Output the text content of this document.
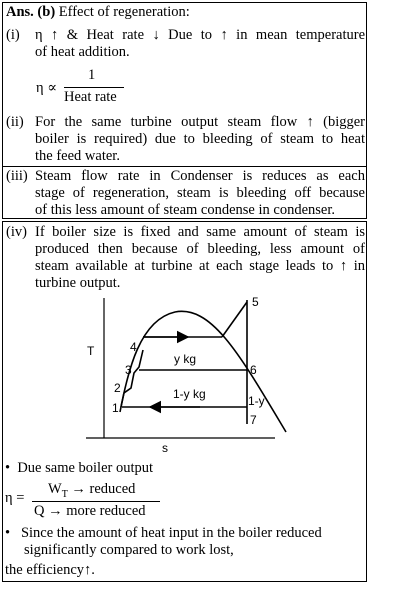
Ans. (b) Effect of regeneration:
(i) η ↑ & Heat rate ↓ Due to ↑ in mean temperature
of heat addition.
η ∝
1
Heat rate
(ii) For the same turbine output steam flow ↑ (bigger
boiler is required) due to bleeding of steam to heat
the feed water.
(iii) Steam flow rate in Condenser is reduces as each
stage of regeneration, steam is bleeding off because
of this less amount of steam condense in condenser.
(iv) If boiler size is fixed and same amount of steam is
produced then because of bleeding, less amount of
steam available at turbine at each stage leads to ↑ in
turbine output.
T
s
1
2
3
4
5
6
7
y kg
1-y kg	1-y
•  Due same boiler output
η =
$W_T$ → reduced
Q → more reduced
•   Since the amount of heat input in the boiler reduced
significantly compared to work lost,
the efficiency↑.
